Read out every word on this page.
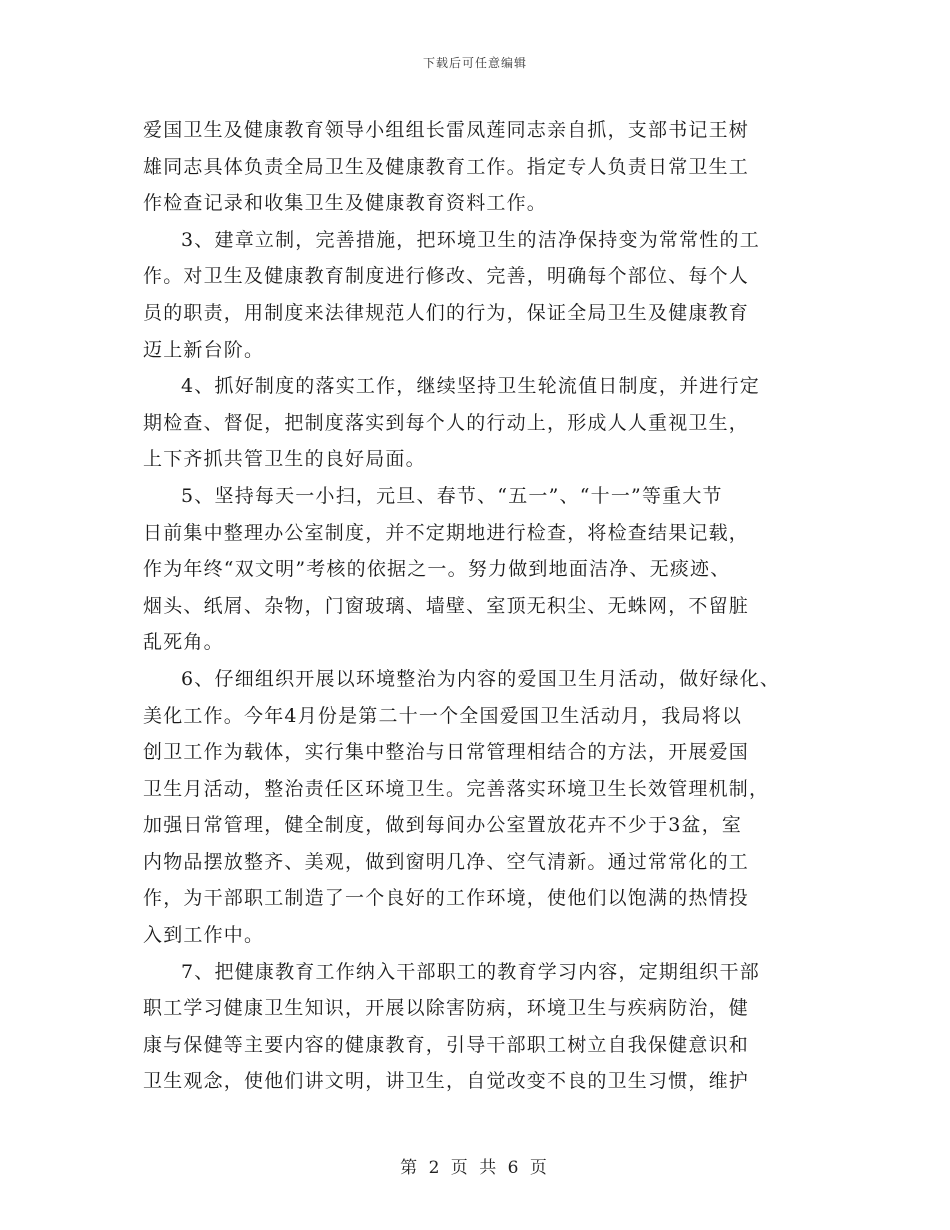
下载后可任意编辑
爱国卫生及健康教育领导小组组长雷凤莲同志亲自抓，支部书记王树
雄同志具体负责全局卫生及健康教育工作。指定专人负责日常卫生工
作检查记录和收集卫生及健康教育资料工作。
3、建章立制，完善措施，把环境卫生的洁净保持变为常常性的工
作。对卫生及健康教育制度进行修改、完善，明确每个部位、每个人
员的职责，用制度来法律规范人们的行为，保证全局卫生及健康教育
迈上新台阶。
4、抓好制度的落实工作，继续坚持卫生轮流值日制度，并进行定
期检查、督促，把制度落实到每个人的行动上，形成人人重视卫生，
上下齐抓共管卫生的良好局面。
5、坚持每天一小扫，元旦、春节、“五一”、“十一”等重大节
日前集中整理办公室制度，并不定期地进行检查，将检查结果记载，
作为年终“双文明”考核的依据之一。努力做到地面洁净、无痰迹、
烟头、纸屑、杂物，门窗玻璃、墙壁、室顶无积尘、无蛛网，不留脏
乱死角。
6、仔细组织开展以环境整治为内容的爱国卫生月活动，做好绿化、
美化工作。今年4月份是第二十一个全国爱国卫生活动月，我局将以
创卫工作为载体，实行集中整治与日常管理相结合的方法，开展爱国
卫生月活动，整治责任区环境卫生。完善落实环境卫生长效管理机制，
加强日常管理，健全制度，做到每间办公室置放花卉不少于3盆，室
内物品摆放整齐、美观，做到窗明几净、空气清新。通过常常化的工
作，为干部职工制造了一个良好的工作环境，使他们以饱满的热情投
入到工作中。
7、把健康教育工作纳入干部职工的教育学习内容，定期组织干部
职工学习健康卫生知识，开展以除害防病，环境卫生与疾病防治，健
康与保健等主要内容的健康教育，引导干部职工树立自我保健意识和
卫生观念，使他们讲文明，讲卫生，自觉改变不良的卫生习惯，维护
第 2 页 共 6 页
